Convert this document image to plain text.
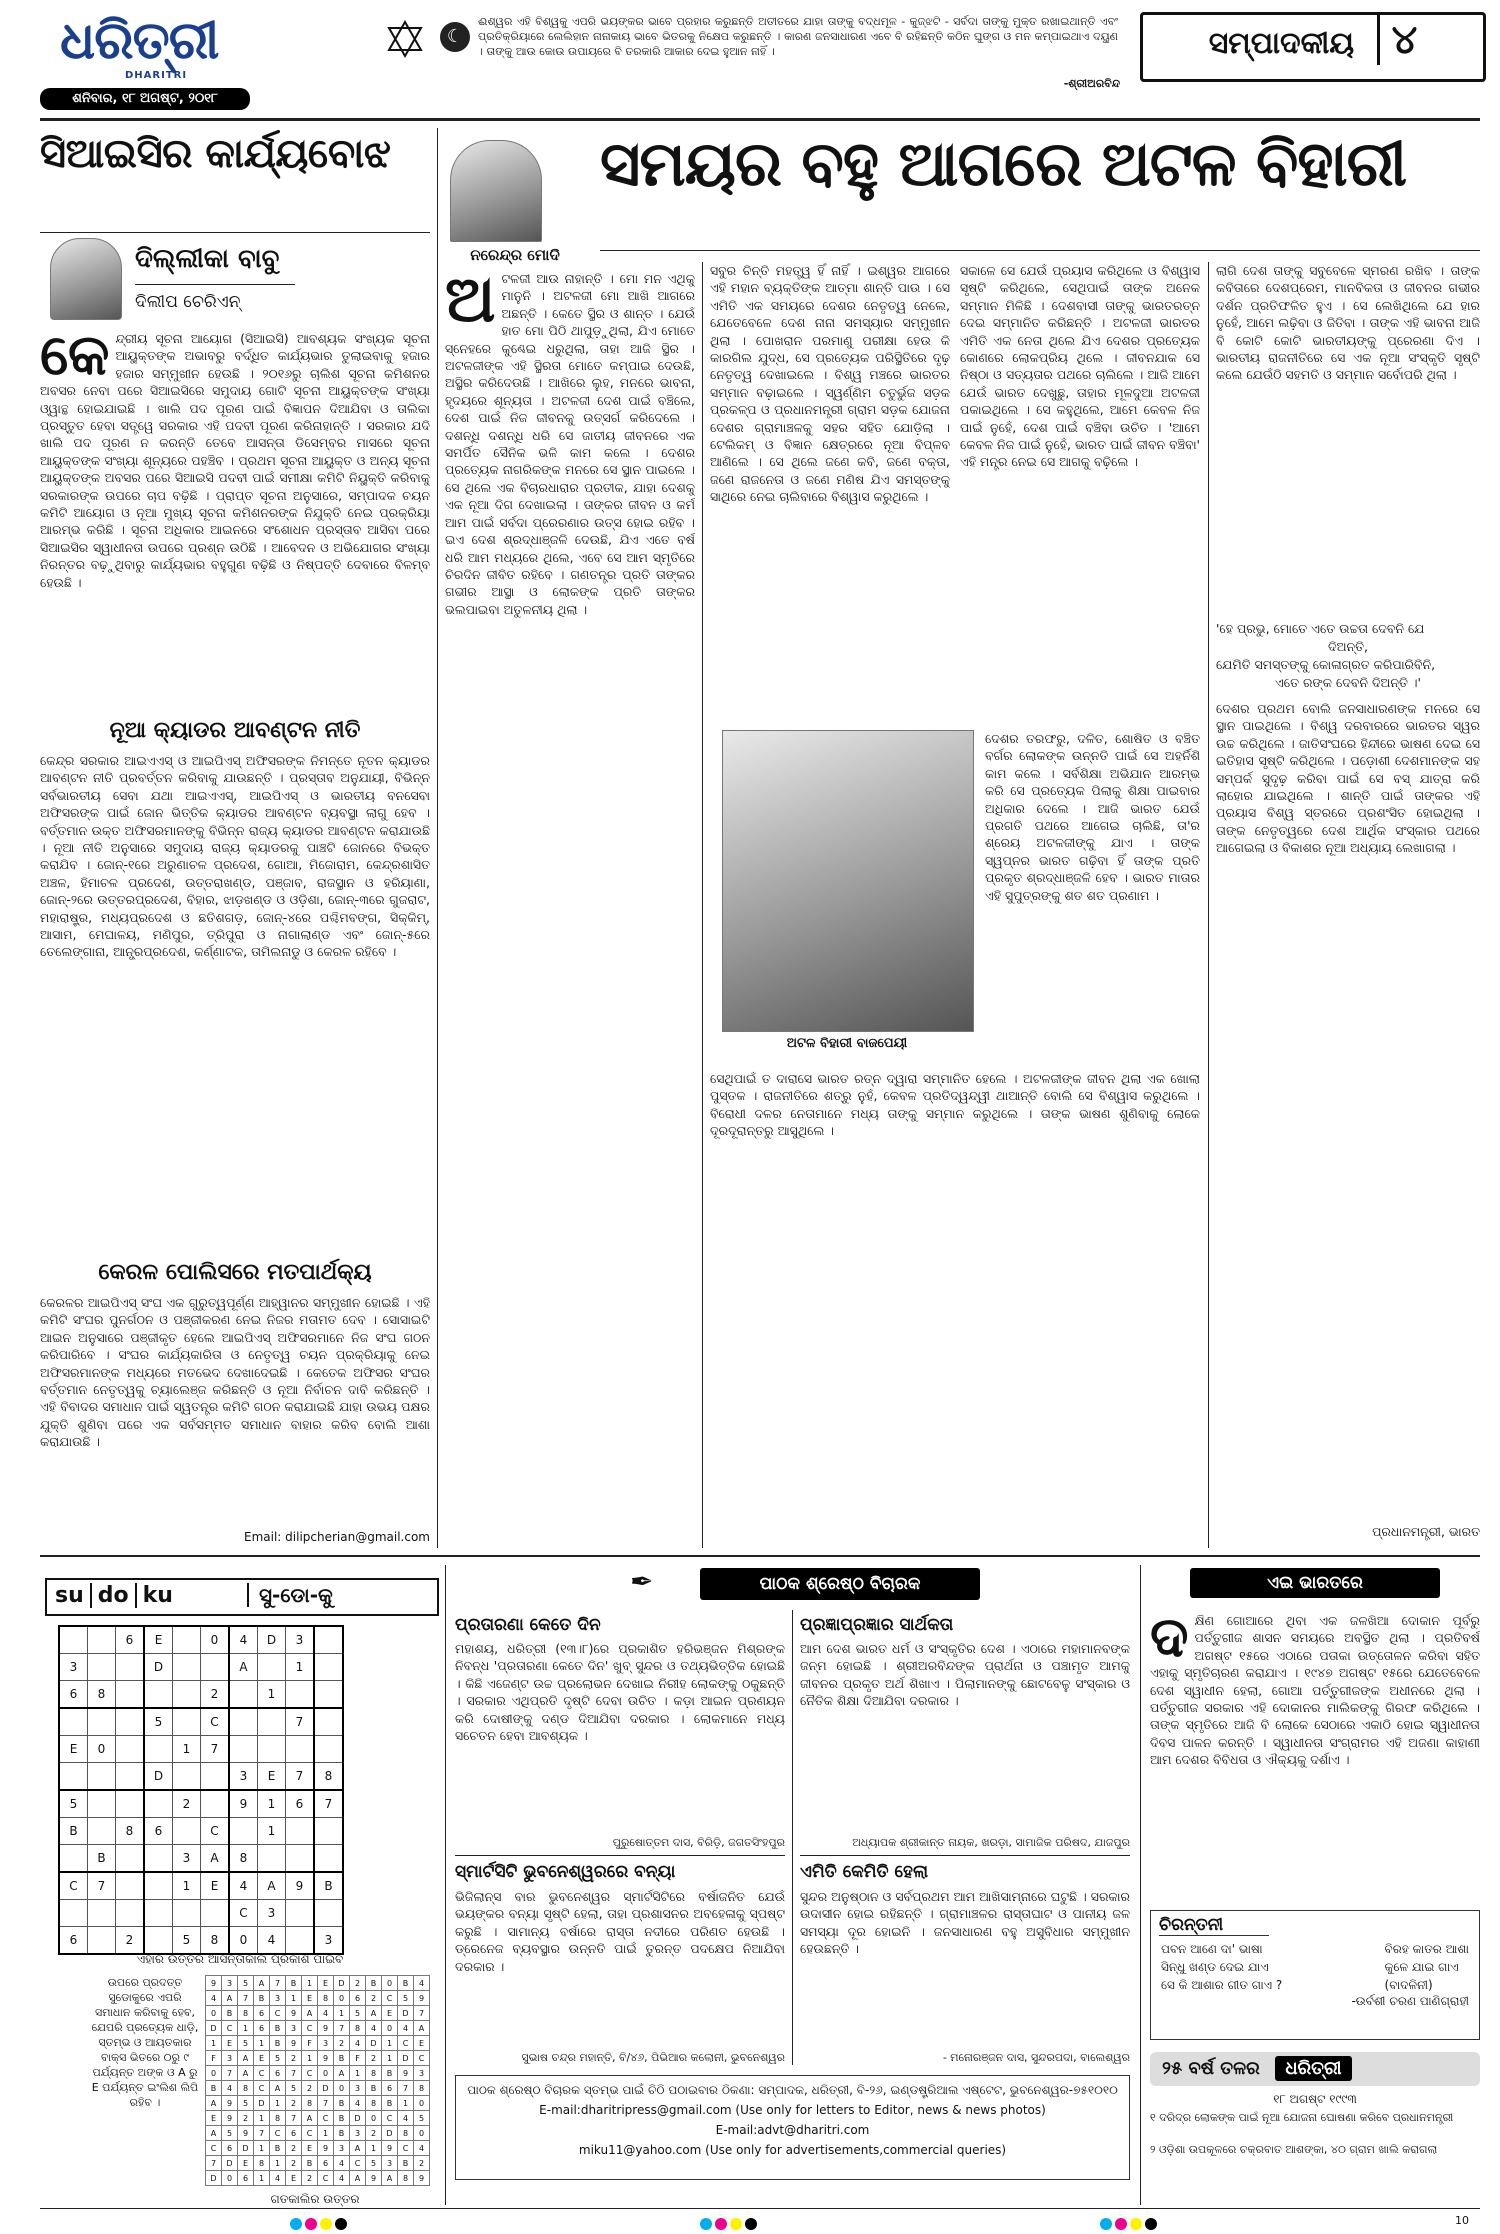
ଧରିତ୍ରୀ
DHARITRI
ଶନିବାର, ୧୮ ଅଗଷ୍ଟ, ୨୦୧୮
☾
ଈଶ୍ୱର ଏହି ବିଶ୍ୱକୁ ଏପରି ଭୟଙ୍କର ଭାବେ ପ୍ରହାର କରୁଛନ୍ତି ଅତୀତରେ ଯାହା ତାଙ୍କୁ ବଦ୍ଧମୂଳ - କୁଜ୍ଝଟି - ସର୍ବଦା ତାଙ୍କୁ ମୁକ୍ତ ରଖାଇଥାନ୍ତି ଏବଂ ପ୍ରତିକ୍ରିୟାରେ ଲେଲିହାନ ନାନାକାୟ ଭାବେ ଭିତରକୁ ନିକ୍ଷେପ କରୁଛନ୍ତି । କାରଣ ଜନସାଧାରଣ ଏବେ ବି ରହିଛନ୍ତି କଠିନ ଘୁଙ୍ଗ ଓ ମନ କମ୍ପାଇଥାଏ ଦୟୁଣ । ତାଙ୍କୁ ଆଉ କୋଉ ଉପାୟରେ ବି ତରକାରି ଆକାର ଦେଇ ହୁଆନ ନାହିଁ ।
-ଶ୍ରୀଅରବିନ୍ଦ
ସମ୍ପାଦକୀୟ ୪
ସିଆଇସିର କାର୍ଯ୍ୟବୋଝ
ଦିଲ୍ଲୀକା ବାବୁ
ଦିଲୀପ ଚେରିଏନ୍
କେନ୍ଦ୍ରୀୟ ସୂଚନା ଆୟୋଗ (ସିଆଇସି) ଆବଶ୍ୟକ ସଂଖ୍ୟକ ସୂଚନା ଆୟୁକ୍ତଙ୍କ ଅଭାବରୁ ବର୍ଦ୍ଧିତ କାର୍ଯ୍ୟଭାର ତୁଲାଇବାକୁ ହଜାର ହଜାର ସମ୍ମୁଖୀନ ହେଉଛି । ୨୦୧୬ରୁ ଚାଲିଶ ସୂଚନା କମିଶନର ଅବସର ନେବା ପରେ ସିଆଇସିରେ ସମୁଦାୟ ଗୋଟି ସୂଚନା ଆୟୁକ୍ତଙ୍କ ସଂଖ୍ୟା ଓ୍ୱାନ୍ଥ ହୋଇଯାଇଛି । ଖାଲି ପଦ ପୂରଣ ପାଇଁ ବିଜ୍ଞାପନ ଦିଆଯିବା ଓ ତାଲିକା ପ୍ରସ୍ତୁତ ହେବା ସତ୍ତ୍ୱେ ସରକାର ଏହି ପଦବୀ ପୂରଣ କରିନାହାନ୍ତି । ସରକାର ଯଦି ଖାଲି ପଦ ପୂରଣ ନ କରନ୍ତି ତେବେ ଆସନ୍ତା ଡିସେମ୍ବର ମାସରେ ସୂଚନା ଆୟୁକ୍ତଙ୍କ ସଂଖ୍ୟା ଶୂନ୍ୟରେ ପହଞ୍ଚିବ । ପ୍ରଥମ ସୂଚନା ଆୟୁକ୍ତ ଓ ଅନ୍ୟ ସୂଚନା ଆୟୁକ୍ତଙ୍କ ଅବସର ପରେ ସିଆଇସି ପଦବୀ ପାଇଁ ସମୀକ୍ଷା କମିଟି ନିୟୁକ୍ତି କରିବାକୁ ସରକାରଙ୍କ ଉପରେ ଚାପ ବଢ଼ିଛି । ପ୍ରାପ୍ତ ସୂଚନା ଅନୁସାରେ, ସମ୍ପାଦକ ଚୟନ କମିଟି ଆୟୋଗ ଓ ନୂଆ ମୁଖ୍ୟ ସୂଚନା କମିଶନରଙ୍କ ନିଯୁକ୍ତି ନେଇ ପ୍ରକ୍ରିୟା ଆରମ୍ଭ କରିଛି । ସୂଚନା ଅଧିକାର ଆଇନରେ ସଂଶୋଧନ ପ୍ରସ୍ତାବ ଆସିବା ପରେ ସିଆଇସିର ସ୍ୱାଧୀନତା ଉପରେ ପ୍ରଶ୍ନ ଉଠିଛି । ଆବେଦନ ଓ ଅଭିଯୋଗର ସଂଖ୍ୟା ନିରନ୍ତର ବଢ଼ୁଥିବାରୁ କାର୍ଯ୍ୟଭାର ବହୁଗୁଣ ବଢ଼ିଛି ଓ ନିଷ୍ପତ୍ତି ଦେବାରେ ବିଳମ୍ବ ହେଉଛି ।
ନୂଆ କ୍ୟାଡର ଆବଣ୍ଟନ ନୀତି
କେନ୍ଦ୍ର ସରକାର ଆଇଏଏସ୍ ଓ ଆଇପିଏସ୍ ଅଫିସରଙ୍କ ନିମନ୍ତେ ନୂତନ କ୍ୟାଡର ଆବଣ୍ଟନ ନୀତି ପ୍ରବର୍ତ୍ତନ କରିବାକୁ ଯାଉଛନ୍ତି । ପ୍ରସ୍ତାବ ଅନୁଯାୟୀ, ବିଭିନ୍ନ ସର୍ବଭାରତୀୟ ସେବା ଯଥା ଆଇଏଏସ୍, ଆଇପିଏସ୍ ଓ ଭାରତୀୟ ବନସେବା ଅଫିସରଙ୍କ ପାଇଁ ଜୋନ ଭିତ୍ତିକ କ୍ୟାଡର ଆବଣ୍ଟନ ବ୍ୟବସ୍ଥା ଲାଗୁ ହେବ । ବର୍ତ୍ତମାନ ଉକ୍ତ ଅଫିସରମାନଙ୍କୁ ବିଭିନ୍ନ ରାଜ୍ୟ କ୍ୟାଡର ଆବଣ୍ଟନ କରାଯାଉଛି । ନୂଆ ନୀତି ଅନୁସାରେ ସମୁଦାୟ ରାଜ୍ୟ କ୍ୟାଡରକୁ ପାଞ୍ଚଟି ଜୋନରେ ବିଭକ୍ତ କରାଯିବ । ଜୋନ୍-୧ରେ ଅରୁଣାଚଳ ପ୍ରଦେଶ, ଗୋଆ, ମିଜୋରାମ, କେନ୍ଦ୍ରଶାସିତ ଅଞ୍ଚଳ, ହିମାଚଳ ପ୍ରଦେଶ, ଉତ୍ତରାଖଣ୍ଡ, ପଞ୍ଜାବ, ରାଜସ୍ଥାନ ଓ ହରିୟାଣା, ଜୋନ୍-୨ରେ ଉତ୍ତରପ୍ରଦେଶ, ବିହାର, ଝାଡ଼ଖଣ୍ଡ ଓ ଓଡ଼ିଶା, ଜୋନ୍-୩ରେ ଗୁଜରାଟ, ମହାରାଷ୍ଟ୍ର, ମଧ୍ୟପ୍ରଦେଶ ଓ ଛତିଶଗଡ଼, ଜୋନ୍-୪ରେ ପଶ୍ଚିମବଙ୍ଗ, ସିକ୍କିମ୍, ଆସାମ, ମେଘାଳୟ, ମଣିପୁର, ତ୍ରିପୁରା ଓ ନାଗାଲାଣ୍ଡ ଏବଂ ଜୋନ୍-୫ରେ ତେଲେଙ୍ଗାନା, ଆନ୍ଧ୍ରପ୍ରଦେଶ, କର୍ଣ୍ଣାଟକ, ତାମିଲନାଡୁ ଓ କେରଳ ରହିବେ ।
କେରଳ ପୋଲିସରେ ମତପାର୍ଥକ୍ୟ
କେରଳର ଆଇପିଏସ୍ ସଂଘ ଏକ ଗୁରୁତ୍ୱପୂର୍ଣ୍ଣ ଆହ୍ୱାନର ସମ୍ମୁଖୀନ ହୋଇଛି । ଏହି କମିଟି ସଂଘର ପୁନର୍ଗଠନ ଓ ପଞ୍ଜୀକରଣ ନେଇ ନିଜର ମତାମତ ଦେବ । ସୋସାଇଟି ଆଇନ ଅନୁସାରେ ପଞ୍ଜୀକୃତ ହେଲେ ଆଇପିଏସ୍ ଅଫିସରମାନେ ନିଜ ସଂଘ ଗଠନ କରିପାରିବେ । ସଂଘର କାର୍ଯ୍ୟକାରିତା ଓ ନେତୃତ୍ୱ ଚୟନ ପ୍ରକ୍ରିୟାକୁ ନେଇ ଅଫିସରମାନଙ୍କ ମଧ୍ୟରେ ମତଭେଦ ଦେଖାଦେଇଛି । କେତେକ ଅଫିସର ସଂଘର ବର୍ତ୍ତମାନ ନେତୃତ୍ୱକୁ ଚ୍ୟାଲେଞ୍ଜ କରିଛନ୍ତି ଓ ନୂଆ ନିର୍ବାଚନ ଦାବି କରିଛନ୍ତି । ଏହି ବିବାଦର ସମାଧାନ ପାଇଁ ସ୍ୱତନ୍ତ୍ର କମିଟି ଗଠନ କରାଯାଇଛି ଯାହା ଉଭୟ ପକ୍ଷର ଯୁକ୍ତି ଶୁଣିବା ପରେ ଏକ ସର୍ବସମ୍ମତ ସମାଧାନ ବାହାର କରିବ ବୋଲି ଆଶା କରାଯାଉଛି ।
Email: dilipcherian@gmail.com
ନରେନ୍ଦ୍ର ମୋଦି
ସମୟର ବହୁ ଆଗରେ ଅଟଳ ବିହାରୀ
ଅଟଳଜୀ ଆଉ ନାହାନ୍ତି । ମୋ ମନ ଏଥିକୁ ମାନୁନି । ଅଟଳଜୀ ମୋ ଆଖି ଆଗରେ ଅଛନ୍ତି । କେତେ ସ୍ଥିର ଓ ଶାନ୍ତ । ଯେଉଁ ହାତ ମୋ ପିଠି ଥାପୁଡ଼ୁଥିଲା, ଯିଏ ମୋତେ ସ୍ନେହରେ କୁଣ୍ଢେଇ ଧରୁଥିଲା, ତାହା ଆଜି ସ୍ଥିର । ଅଟଳଜୀଙ୍କ ଏହି ସ୍ଥିରତା ମୋତେ କମ୍ପାଇ ଦେଉଛି, ଅସ୍ଥିର କରିଦେଉଛି । ଆଖିରେ ଲୁହ, ମନରେ ଭାବନା, ହୃଦୟରେ ଶୂନ୍ୟତା । ଅଟଳଜୀ ଦେଶ ପାଇଁ ବଞ୍ଚିଲେ, ଦେଶ ପାଇଁ ନିଜ ଜୀବନକୁ ଉତ୍ସର୍ଗ କରିଦେଲେ । ଦଶନ୍ଧି ଦଶନ୍ଧି ଧରି ସେ ଜାତୀୟ ଜୀବନରେ ଏକ ସମର୍ପିତ ସୈନିକ ଭଳି କାମ କଲେ । ଦେଶର ପ୍ରତ୍ୟେକ ନାଗରିକଙ୍କ ମନରେ ସେ ସ୍ଥାନ ପାଇଲେ । ସେ ଥିଲେ ଏକ ବିଚାରଧାରାର ପ୍ରତୀକ, ଯାହା ଦେଶକୁ ଏକ ନୂଆ ଦିଗ ଦେଖାଇଲା । ତାଙ୍କର ଜୀବନ ଓ କର୍ମ ଆମ ପାଇଁ ସର୍ବଦା ପ୍ରେରଣାର ଉତ୍ସ ହୋଇ ରହିବ । ଇଏ ଦେଶ ଶ୍ରଦ୍ଧାଞ୍ଜଳି ଦେଉଛି, ଯିଏ ଏତେ ବର୍ଷ ଧରି ଆମ ମଧ୍ୟରେ ଥିଲେ, ଏବେ ସେ ଆମ ସ୍ମୃତିରେ ଚିରଦିନ ଜୀବିତ ରହିବେ । ଗଣତନ୍ତ୍ର ପ୍ରତି ତାଙ୍କର ଗଭୀର ଆସ୍ଥା ଓ ଲୋକଙ୍କ ପ୍ରତି ତାଙ୍କର ଭଲପାଇବା ଅତୁଳନୀୟ ଥିଲା ।
ସବୁର ଚିନ୍ତି ମହତ୍ତ୍ୱ ହିଁ ନାହିଁ । ଇଶ୍ୱର ଆଗରେ ଏହି ମହାନ ବ୍ୟକ୍ତିଙ୍କ ଆତ୍ମା ଶାନ୍ତି ପାଉ । ସେ ଏମିତି ଏକ ସମୟରେ ଦେଶର ନେତୃତ୍ୱ ନେଲେ, ଯେତେବେଳେ ଦେଶ ନାନା ସମସ୍ୟାର ସମ୍ମୁଖୀନ ଥିଲା । ପୋଖରାନ ପରମାଣୁ ପରୀକ୍ଷା ହେଉ କି କାରଗିଲ ଯୁଦ୍ଧ, ସେ ପ୍ରତ୍ୟେକ ପରିସ୍ଥିତିରେ ଦୃଢ଼ ନେତୃତ୍ୱ ଦେଖାଇଲେ । ବିଶ୍ୱ ମଞ୍ଚରେ ଭାରତର ସମ୍ମାନ ବଢ଼ାଇଲେ । ସ୍ୱର୍ଣ୍ଣିମ ଚତୁର୍ଭୁଜ ସଡ଼କ ପ୍ରକଳ୍ପ ଓ ପ୍ରଧାନମନ୍ତ୍ରୀ ଗ୍ରାମ ସଡ଼କ ଯୋଜନା ଦେଶର ଗ୍ରାମାଞ୍ଚଳକୁ ସହର ସହିତ ଯୋଡ଼ିଲା । ଟେଲିକମ୍ ଓ ବିଜ୍ଞାନ କ୍ଷେତ୍ରରେ ନୂଆ ବିପ୍ଳବ ଆଣିଲେ । ସେ ଥିଲେ ଜଣେ କବି, ଜଣେ ବକ୍ତା, ଜଣେ ରାଜନେତା ଓ ଜଣେ ମଣିଷ ଯିଏ ସମସ୍ତଙ୍କୁ ସାଥିରେ ନେଇ ଚାଲିବାରେ ବିଶ୍ୱାସ କରୁଥିଲେ ।
ସକାଳେ ସେ ଯେଉଁ ପ୍ରୟାସ କରିଥିଲେ ଓ ବିଶ୍ୱାସ ସୃଷ୍ଟି କରିଥିଲେ, ସେଥିପାଇଁ ତାଙ୍କ ଅନେକ ସମ୍ମାନ ମିଳିଛି । ଦେଶବାସୀ ତାଙ୍କୁ ଭାରତରତ୍ନ ଦେଇ ସମ୍ମାନିତ କରିଛନ୍ତି । ଅଟଳଜୀ ଭାରତର ଏମିତି ଏକ ନେତା ଥିଲେ ଯିଏ ଦେଶର ପ୍ରତ୍ୟେକ କୋଣରେ ଲୋକପ୍ରିୟ ଥିଲେ । ଜୀବନଯାକ ସେ ନିଷ୍ଠା ଓ ସତ୍ୟତାର ପଥରେ ଚାଲିଲେ । ଆଜି ଆମେ ଯେଉଁ ଭାରତ ଦେଖୁଛୁ, ତାହାର ମୂଳଦୁଆ ଅଟଳଜୀ ପକାଇଥିଲେ । ସେ କହୁଥିଲେ, ଆମେ କେବଳ ନିଜ ପାଇଁ ନୁହେଁ, ଦେଶ ପାଇଁ ବଞ୍ଚିବା ଉଚିତ । 'ଆମେ କେବଳ ନିଜ ପାଇଁ ନୁହେଁ, ଭାରତ ପାଇଁ ଜୀବନ ବଞ୍ଚିବା' ଏହି ମନ୍ତ୍ର ନେଇ ସେ ଆଗକୁ ବଢ଼ିଲେ ।
ଅଟଳ ବିହାରୀ ବାଜପେୟୀ
ଦେଶର ତରଫରୁ, ଦଳିତ, ଶୋଷିତ ଓ ବଞ୍ଚିତ ବର୍ଗର ଲୋକଙ୍କ ଉନ୍ନତି ପାଇଁ ସେ ଅହର୍ନିଶି କାମ କଲେ । ସର୍ବଶିକ୍ଷା ଅଭିଯାନ ଆରମ୍ଭ କରି ସେ ପ୍ରତ୍ୟେକ ପିଲାକୁ ଶିକ୍ଷା ପାଇବାର ଅଧିକାର ଦେଲେ । ଆଜି ଭାରତ ଯେଉଁ ପ୍ରଗତି ପଥରେ ଆଗେଇ ଚାଲିଛି, ତା'ର ଶ୍ରେୟ ଅଟଳଜୀଙ୍କୁ ଯାଏ । ତାଙ୍କ ସ୍ୱପ୍ନର ଭାରତ ଗଢ଼ିବା ହିଁ ତାଙ୍କ ପ୍ରତି ପ୍ରକୃତ ଶ୍ରଦ୍ଧାଞ୍ଜଳି ହେବ । ଭାରତ ମାତାର ଏହି ସୁପୁତ୍ରଙ୍କୁ ଶତ ଶତ ପ୍ରଣାମ ।
ସେଥିପାଇଁ ତ ଦାରାସେ ଭାରତ ରତ୍ନ ଦ୍ୱାରା ସମ୍ମାନିତ ହେଲେ । ଅଟଳଜୀଙ୍କ ଜୀବନ ଥିଲା ଏକ ଖୋଲା ପୁସ୍ତକ । ରାଜନୀତିରେ ଶତ୍ରୁ ନୁହଁ, କେବଳ ପ୍ରତିଦ୍ୱନ୍ଦ୍ୱୀ ଥାଆନ୍ତି ବୋଲି ସେ ବିଶ୍ୱାସ କରୁଥିଲେ । ବିରୋଧୀ ଦଳର ନେତାମାନେ ମଧ୍ୟ ତାଙ୍କୁ ସମ୍ମାନ କରୁଥିଲେ । ତାଙ୍କ ଭାଷଣ ଶୁଣିବାକୁ ଲୋକେ ଦୂରଦୂରାନ୍ତରୁ ଆସୁଥିଲେ ।
ଲାଗି ଦେଶ ତାଙ୍କୁ ସବୁବେଳେ ସ୍ମରଣ ରଖିବ । ତାଙ୍କ କବିତାରେ ଦେଶପ୍ରେମ, ମାନବିକତା ଓ ଜୀବନର ଗଭୀର ଦର୍ଶନ ପ୍ରତିଫଳିତ ହୁଏ । ସେ ଲେଖିଥିଲେ ଯେ ହାର ନୁହେଁ, ଆମେ ଲଢ଼ିବା ଓ ଜିତିବା । ତାଙ୍କ ଏହି ଭାବନା ଆଜି ବି କୋଟି କୋଟି ଭାରତୀୟଙ୍କୁ ପ୍ରେରଣା ଦିଏ । ଭାରତୀୟ ରାଜନୀତିରେ ସେ ଏକ ନୂଆ ସଂସ୍କୃତି ସୃଷ୍ଟି କଲେ ଯେଉଁଠି ସହମତି ଓ ସମ୍ମାନ ସର୍ବୋପରି ଥିଲା ।
'ହେ ପ୍ରଭୁ, ମୋତେ ଏତେ ଉଚ୍ଚତା ଦେବନି ଯେ
ଦିଅନ୍ତି,
ଯେମିତି ସମସ୍ତଙ୍କୁ କୋଳାଗ୍ରତ କରିପାରିବିନି,
ଏତେ ରଙ୍କ ଦେବନି ଦିଅନ୍ତି ।'
ଦେଶର ପ୍ରଥମ ବୋଲି ଜନସାଧାରଣଙ୍କ ମନରେ ସେ ସ୍ଥାନ ପାଇଥିଲେ । ବିଶ୍ୱ ଦରବାରରେ ଭାରତର ସ୍ୱର ଉଚ୍ଚ କରିଥିଲେ । ଜାତିସଂଘରେ ହିନ୍ଦୀରେ ଭାଷଣ ଦେଇ ସେ ଇତିହାସ ସୃଷ୍ଟି କରିଥିଲେ । ପଡ଼ୋଶୀ ଦେଶମାନଙ୍କ ସହ ସମ୍ପର୍କ ସୁଦୃଢ଼ କରିବା ପାଇଁ ସେ ବସ୍ ଯାତ୍ରା କରି ଲାହୋର ଯାଇଥିଲେ । ଶାନ୍ତି ପାଇଁ ତାଙ୍କର ଏହି ପ୍ରୟାସ ବିଶ୍ୱ ସ୍ତରରେ ପ୍ରଶଂସିତ ହୋଇଥିଲା । ତାଙ୍କ ନେତୃତ୍ୱରେ ଦେଶ ଆର୍ଥିକ ସଂସ୍କାର ପଥରେ ଆଗେଇଲା ଓ ବିକାଶର ନୂଆ ଅଧ୍ୟାୟ ଲେଖାଗଲା ।
ପ୍ରଧାନମନ୍ତ୍ରୀ, ଭାରତ
su do ku	ସୁ-ଡୋ-କୁ
		6	E		0	4	D	3	
3			D			A		1	
6	8				2		1		
			5		C			7	
E	0			1	7				
			D			3	E	7	8
5				2		9	1	6	7
B		8	6		C		1		
	B			3	A	8			
C	7			1	E	4	A	9	B
						C	3		
6		2		5	8	0	4		3
ଏହାର ଉତ୍ତର ଆସନ୍ତାକାଲି ପ୍ରକାଶ ପାଇବ
ଉପରେ ପ୍ରଦତ୍ତ ସୁଡୋକୁରେ ଏପରି ସମାଧାନ କରିବାକୁ ହେବ, ଯେପରି ପ୍ରତ୍ୟେକ ଧାଡ଼ି, ସ୍ତମ୍ଭ ଓ ଆୟତକାର ବାକ୍ସ ଭିତରେ ୦ରୁ ୯ ପର୍ଯ୍ୟନ୍ତ ଅଙ୍କ ଓ A ରୁ E ପର୍ଯ୍ୟନ୍ତ ଇଂଲିଶ ଲିପି ରହିବ ।
9	3	5	A	7	B	1	E	D	2	B	0	B	4
4	A	7	B	3	1	E	8	0	6	2	C	5	9
0	B	8	6	C	9	A	4	1	5	A	E	D	7
D	C	1	6	B	3	C	9	7	8	4	0	4	A
1	E	5	1	B	9	F	3	2	4	D	1	C	E
F	3	A	E	5	2	1	9	B	F	2	1	D	C
0	7	A	C	6	7	C	0	A	1	8	B	9	3
B	4	8	C	A	5	2	D	0	3	B	6	7	8
A	9	5	D	1	2	8	7	B	4	8	B	1	0
E	9	2	1	8	7	A	C	B	D	0	C	4	5
A	5	9	7	C	6	C	1	B	3	2	D	8	0
C	6	D	1	B	2	E	9	3	A	1	9	C	4
7	D	E	8	1	2	B	6	4	C	5	3	B	2
D	0	6	1	4	E	2	C	4	A	9	A	8	9
ଗତକାଲିର ଉତ୍ତର
✒	ପାଠକ ଶ୍ରେଷ୍ଠ ବିଚାରକ
ପ୍ରତାରଣା କେତେ ଦିନ
ମହାଶୟ, ଧରିତ୍ରୀ (୧୩।୮)ରେ ପ୍ରକାଶିତ ହରିଭଞ୍ଜନ ମିଶ୍ରଙ୍କ ନିବନ୍ଧ 'ପ୍ରତାରଣା କେତେ ଦିନ' ଖୁବ୍ ସୁନ୍ଦର ଓ ତଥ୍ୟଭିତ୍ତିକ ହୋଇଛି । କିଛି ଏଜେଣ୍ଟ ଉଚ୍ଚ ପ୍ରଲୋଭନ ଦେଖାଇ ନିରୀହ ଲୋକଙ୍କୁ ଠକୁଛନ୍ତି । ସରକାର ଏଥିପ୍ରତି ଦୃଷ୍ଟି ଦେବା ଉଚିତ । କଡ଼ା ଆଇନ ପ୍ରଣୟନ କରି ଦୋଷୀଙ୍କୁ ଦଣ୍ଡ ଦିଆଯିବା ଦରକାର । ଲୋକମାନେ ମଧ୍ୟ ସଚେତନ ହେବା ଆବଶ୍ୟକ ।
ପୁରୁଷୋତ୍ତମ ଦାସ, ବିରିଡ଼ି, ଜଗତସିଂହପୁର
ସ୍ମାର୍ଟସିଟି ଭୁବନେଶ୍ୱରରେ ବନ୍ୟା
ଭିଜିଲାନ୍ସ ବାର ଭୁବନେଶ୍ୱର ସ୍ମାର୍ଟସିଟିରେ ବର୍ଷାଜନିତ ଯେଉଁ ଭୟଙ୍କର ବନ୍ୟା ସୃଷ୍ଟି ହେଲା, ତାହା ପ୍ରଶାସନର ଅବହେଳାକୁ ସ୍ପଷ୍ଟ କରୁଛି । ସାମାନ୍ୟ ବର୍ଷାରେ ରାସ୍ତା ନଦୀରେ ପରିଣତ ହେଉଛି । ଡ୍ରେନେଜ ବ୍ୟବସ୍ଥାର ଉନ୍ନତି ପାଇଁ ତୁରନ୍ତ ପଦକ୍ଷେପ ନିଆଯିବା ଦରକାର ।
ସୁଭାଷ ଚନ୍ଦ୍ର ମହାନ୍ତି, ବି/୪୬, ପିଭିଆର କଲୋନୀ, ଭୁବନେଶ୍ୱର
ପ୍ରଜ୍ଞାପ୍ରଜ୍ଞାର ସାର୍ଥକତା
ଆମ ଦେଶ ଭାରତ ଧର୍ମ ଓ ସଂସ୍କୃତିର ଦେଶ । ଏଠାରେ ମହାମାନବଙ୍କ ଜନ୍ମ ହୋଇଛି । ଶ୍ରୀଅରବିନ୍ଦଙ୍କ ପ୍ରାର୍ଥନା ଓ ପଞ୍ଚାମୃତ ଆମକୁ ଜୀବନର ପ୍ରକୃତ ଅର୍ଥ ଶିଖାଏ । ପିଲାମାନଙ୍କୁ ଛୋଟବେଳୁ ସଂସ୍କାର ଓ ନୈତିକ ଶିକ୍ଷା ଦିଆଯିବା ଦରକାର ।
ଅଧ୍ୟାପକ ଶ୍ରୀକାନ୍ତ ନାୟକ, ଖରଡ଼ା, ସାମାଜିକ ପରିଷଦ, ଯାଜପୁର
ଏମିତି କେମିତି ହେଲା
ସୁନ୍ଦର ଅନୁଷ୍ଠାନ ଓ ସର୍ବପ୍ରଥମ ଆମ ଆଖିସାମ୍ନାରେ ଘଟୁଛି । ସରକାର ଉଦାସୀନ ହୋଇ ରହିଛନ୍ତି । ଗ୍ରାମାଞ୍ଚଳର ରାସ୍ତାଘାଟ ଓ ପାନୀୟ ଜଳ ସମସ୍ୟା ଦୂର ହୋଇନି । ଜନସାଧାରଣ ବହୁ ଅସୁବିଧାର ସମ୍ମୁଖୀନ ହେଉଛନ୍ତି ।
- ମନୋରଞ୍ଜନ ଦାସ, ସୁନ୍ଦରପଦା, ବାଲେଶ୍ୱର
ପାଠକ ଶ୍ରେଷ୍ଠ ବିଚାରକ ସ୍ତମ୍ଭ ପାଇଁ ଚିଠି ପଠାଇବାର ଠିକଣା: ସମ୍ପାଦକ, ଧରିତ୍ରୀ, ବି-୨୬, ଇଣ୍ଡଷ୍ଟ୍ରିଆଲ ଏଷ୍ଟେଟ, ଭୁବନେଶ୍ୱର-୭୫୧୦୧୦
E-mail:dharitripress@gmail.com (Use only for letters to Editor, news & news photos)
E-mail:advt@dharitri.com
miku11@yahoo.com (Use only for advertisements,commercial queries)
ଏଇ ଭାରତରେ
ଦକ୍ଷିଣ ଗୋଆରେ ଥିବା ଏକ ଜଳଖିଆ ଦୋକାନ ପୂର୍ବରୁ ପର୍ତ୍ତୁଗୀଜ ଶାସନ ସମୟରେ ଅବସ୍ଥିତ ଥିଲା । ପ୍ରତିବର୍ଷ ଅଗଷ୍ଟ ୧୫ରେ ଏଠାରେ ପତାକା ଉତ୍ତୋଳନ କରିବା ସହିତ ଏହାକୁ ସ୍ମୃତିଚାରଣ କରାଯାଏ । ୧୯୪୭ ଅଗଷ୍ଟ ୧୫ରେ ଯେତେବେଳେ ଦେଶ ସ୍ୱାଧୀନ ହେଲା, ଗୋଆ ପର୍ତ୍ତୁଗୀଜଙ୍କ ଅଧୀନରେ ଥିଲା । ପର୍ତ୍ତୁଗୀଜ ସରକାର ଏହି ଦୋକାନର ମାଲିକଙ୍କୁ ଗିରଫ କରିଥିଲେ । ତାଙ୍କ ସ୍ମୃତିରେ ଆଜି ବି ଲୋକେ ସେଠାରେ ଏକାଠି ହୋଇ ସ୍ୱାଧୀନତା ଦିବସ ପାଳନ କରନ୍ତି । ସ୍ୱାଧୀନତା ସଂଗ୍ରାମର ଏହି ଅଜଣା କାହାଣୀ ଆମ ଦେଶର ବିବିଧତା ଓ ଐକ୍ୟକୁ ଦର୍ଶାଏ ।
ଚିରନ୍ତନୀ
ପବନ ଆଣେ ଦା' ଭାଷା
ସିନ୍ଧୁ ଖଣ୍ଡ ଦେଇ ଯାଏ
ସେ କି ଆଶାର ଗୀତ ଗାଏ ?
ବିରହ କାତର ଆଶା
କୁଳେ ଯାଇ ଗାଏ
(ବାଦଳିନୀ)
-ଉର୍ବଶୀ ଚରଣ ପାଣିଗ୍ରାହୀ
୨୫ ବର୍ଷ ତଳର ଧରିତ୍ରୀ
୧୮ ଅଗଷ୍ଟ ୧୯୯୩
୧ ଦରିଦ୍ର ଲୋକଙ୍କ ପାଇଁ ନୂଆ ଯୋଜନା ଘୋଷଣା କରିବେ ପ୍ରଧାନମନ୍ତ୍ରୀ
୨ ଓଡ଼ିଶା ଉପକୂଳରେ ଚକ୍ରବାତ ଆଶଙ୍କା, ୪୦ ଗ୍ରାମ ଖାଲି କରାଗଲା
10
